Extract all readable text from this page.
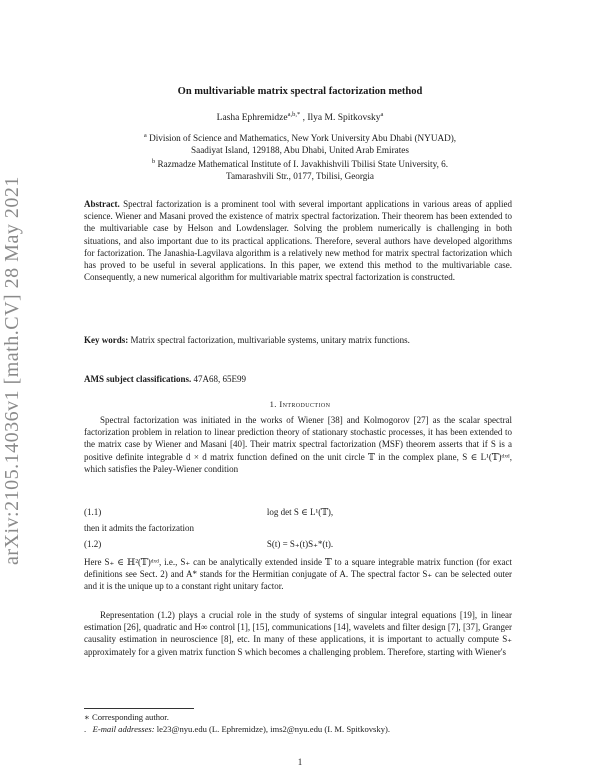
arXiv:2105.14036v1 [math.CV] 28 May 2021
On multivariable matrix spectral factorization method
Lasha Ephremidze$^{a,b,*}$ , Ilya M. Spitkovsky$^a$
$^a$ Division of Science and Mathematics, New York University Abu Dhabi (NYUAD),
Saadiyat Island, 129188, Abu Dhabi, United Arab Emirates
$^b$ Razmadze Mathematical Institute of I. Javakhishvili Tbilisi State University, 6.
Tamarashvili Str., 0177, Tbilisi, Georgia

Abstract. Spectral factorization is a prominent tool with several important applications in various areas of applied science. Wiener and Masani proved the existence of matrix spectral factorization. Their theorem has been extended to the multivariable case by Helson and Lowdenslager. Solving the problem numerically is challenging in both situations, and also important due to its practical applications. Therefore, several authors have developed algorithms for factorization. The Janashia-Lagvilava algorithm is a relatively new method for matrix spectral factorization which has proved to be useful in several applications. In this paper, we extend this method to the multivariable case. Consequently, a new numerical algorithm for multivariable matrix spectral factorization is constructed.

Key words: Matrix spectral factorization, multivariable systems, unitary matrix functions.

AMS subject classifications. 47A68, 65E99

1. Introduction

Spectral factorization was initiated in the works of Wiener [38] and Kolmogorov [27] as the scalar spectral factorization problem in relation to linear prediction theory of stationary stochastic processes, it has been extended to the matrix case by Wiener and Masani [40]. Their matrix spectral factorization (MSF) theorem asserts that if S is a positive definite integrable d × d matrix function defined on the unit circle 𝕋 in the complex plane, S ∈ L¹(𝕋)ᵈˣᵈ, which satisfies the Paley-Wiener condition

(1.1)	log det S ∈ L¹(𝕋),
then it admits the factorization
(1.2)	S(t) = S₊(t)S₊*(t).

Here S₊ ∈ ℍ²(𝕋)ᵈˣᵈ, i.e., S₊ can be analytically extended inside 𝕋 to a square integrable matrix function (for exact definitions see Sect. 2) and A* stands for the Hermitian conjugate of A. The spectral factor S₊ can be selected outer and it is the unique up to a constant right unitary factor.

Representation (1.2) plays a crucial role in the study of systems of singular integral equations [19], in linear estimation [26], quadratic and H∞ control [1], [15], communications [14], wavelets and filter design [7], [37], Granger causality estimation in neuroscience [8], etc. In many of these applications, it is important to actually compute S₊ approximately for a given matrix function S which becomes a challenging problem. Therefore, starting with Wiener's

∗ Corresponding author.
. E-mail addresses: le23@nyu.edu (L. Ephremidze), ims2@nyu.edu (I. M. Spitkovsky).
1
